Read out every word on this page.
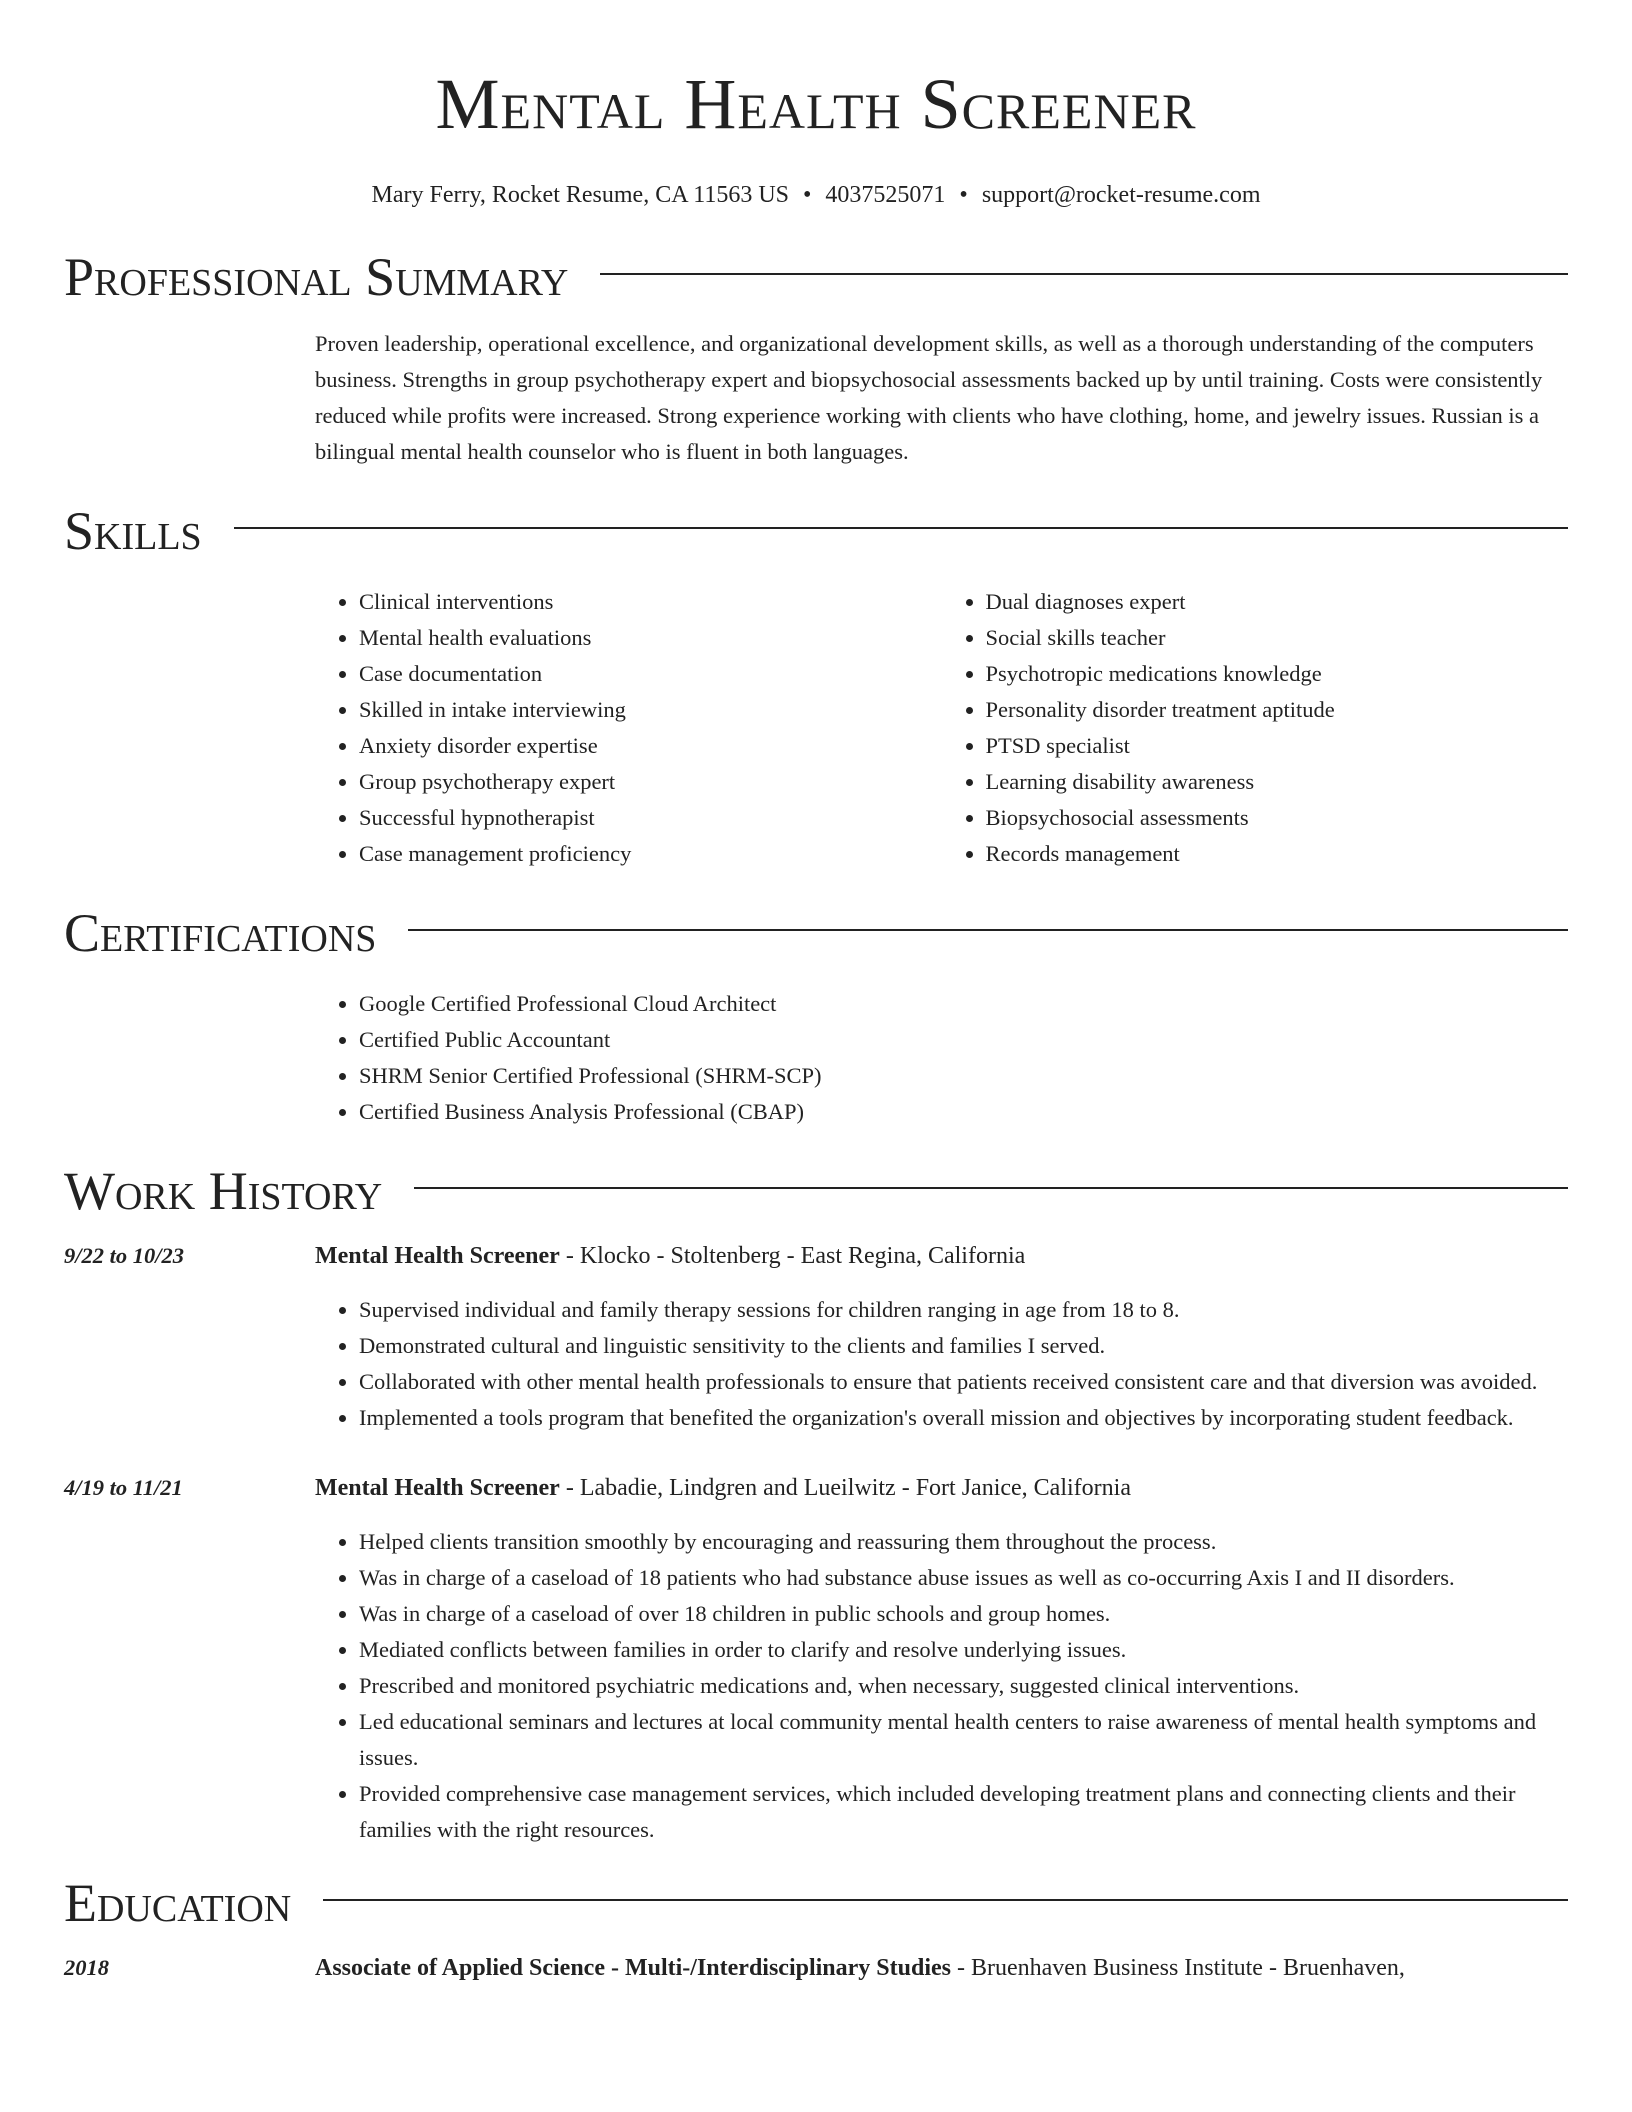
Mental Health Screener
Mary Ferry, Rocket Resume, CA 11563 US • 4037525071 • support@rocket-resume.com
Professional Summary

Proven leadership, operational excellence, and organizational development skills, as well as a thorough understanding of the computers business. Strengths in group psychotherapy expert and biopsychosocial assessments backed up by until training. Costs were consistently reduced while profits were increased. Strong experience working with clients who have clothing, home, and jewelry issues. Russian is a bilingual mental health counselor who is fluent in both languages.

Skills
• Clinical interventions
• Mental health evaluations
• Case documentation
• Skilled in intake interviewing
• Anxiety disorder expertise
• Group psychotherapy expert
• Successful hypnotherapist
• Case management proficiency
• Dual diagnoses expert
• Social skills teacher
• Psychotropic medications knowledge
• Personality disorder treatment aptitude
• PTSD specialist
• Learning disability awareness
• Biopsychosocial assessments
• Records management
Certifications
• Google Certified Professional Cloud Architect
• Certified Public Accountant
• SHRM Senior Certified Professional (SHRM-SCP)
• Certified Business Analysis Professional (CBAP)
Work History
9/22 to 10/23	Mental Health Screener - Klocko - Stoltenberg - East Regina, California
• Supervised individual and family therapy sessions for children ranging in age from 18 to 8.
• Demonstrated cultural and linguistic sensitivity to the clients and families I served.
• Collaborated with other mental health professionals to ensure that patients received consistent care and that diversion was avoided.
• Implemented a tools program that benefited the organization's overall mission and objectives by incorporating student feedback.
4/19 to 11/21	Mental Health Screener - Labadie, Lindgren and Lueilwitz - Fort Janice, California
• Helped clients transition smoothly by encouraging and reassuring them throughout the process.
• Was in charge of a caseload of 18 patients who had substance abuse issues as well as co-occurring Axis I and II disorders.
• Was in charge of a caseload of over 18 children in public schools and group homes.
• Mediated conflicts between families in order to clarify and resolve underlying issues.
• Prescribed and monitored psychiatric medications and, when necessary, suggested clinical interventions.
• Led educational seminars and lectures at local community mental health centers to raise awareness of mental health symptoms and issues.
• Provided comprehensive case management services, which included developing treatment plans and connecting clients and their families with the right resources.
Education
2018	Associate of Applied Science - Multi-/Interdisciplinary Studies - Bruenhaven Business Institute - Bruenhaven,
